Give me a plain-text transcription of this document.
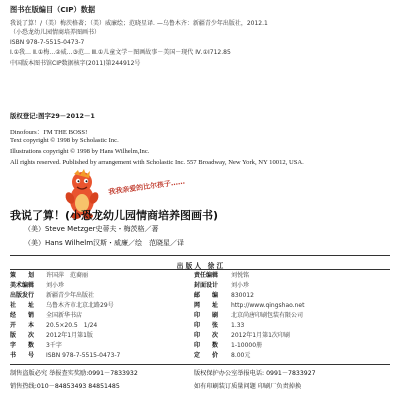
图书在版编目（CIP）数据
我说了算！/（美）梅茨格著；（美）威廉绘；范晓星译. —乌鲁木齐：新疆青少年出版社，2012.1
（小恐龙幼儿园情商培养图画书）
ISBN 978-7-5515-0473-7
Ⅰ.①我… Ⅱ.①梅…②威…③范… Ⅲ.①儿童文学－图画故事－美国－现代 Ⅳ.①I712.85
中国版本图书馆CIP数据核字(2011)第244912号
版权登记:图字29－2012－1
Dinofours：I'M THE BOSS!
Text copyright © 1998 by Scholastic Inc.
Illustrations copyright © 1998 by Hans Wilhelm,Inc.
All rights reserved. Published by arrangement with Scholastic Inc. 557 Broadway, New York, NY 10012, USA.
我我亲爱的比尔孩子……
我说了算！(小恐龙幼儿园情商培养图画书)
（美）Steve Metzger史蒂夫・梅茨格／著
（美）Hans Wilhelm汉斯・威廉／绘　范晓星／译
出 版 人　徐 江
策　　划 许国萍　范裔丽	责任编辑 刘悦铭
美术编辑 刘小珍	封面设计 刘小珍
出版发行 新疆青少年出版社	邮　　编 830012
社　　址 乌鲁木齐市北京北路29号	网　　址 http://www.qingshao.net
经　　销 全国新华书店	印　　刷 北京尚唐印刷包装有限公司
开　　本 20.5×20.5　1/24	印　　张 1.33
版　　次 2012年1月第1版	印　　次 2012年1月第1次印刷
字　　数 3千字	印　　数 1-10000册
书　　号 ISBN 978-7-5515-0473-7	定　　价 8.00元
制售盗版必究 举报查实奖励:0991－7833932	版权保护办公室举报电话: 0991－7833927
销售热线:010－84853493 84851485	如有印刷装订质量问题 印刷厂负责掉换
